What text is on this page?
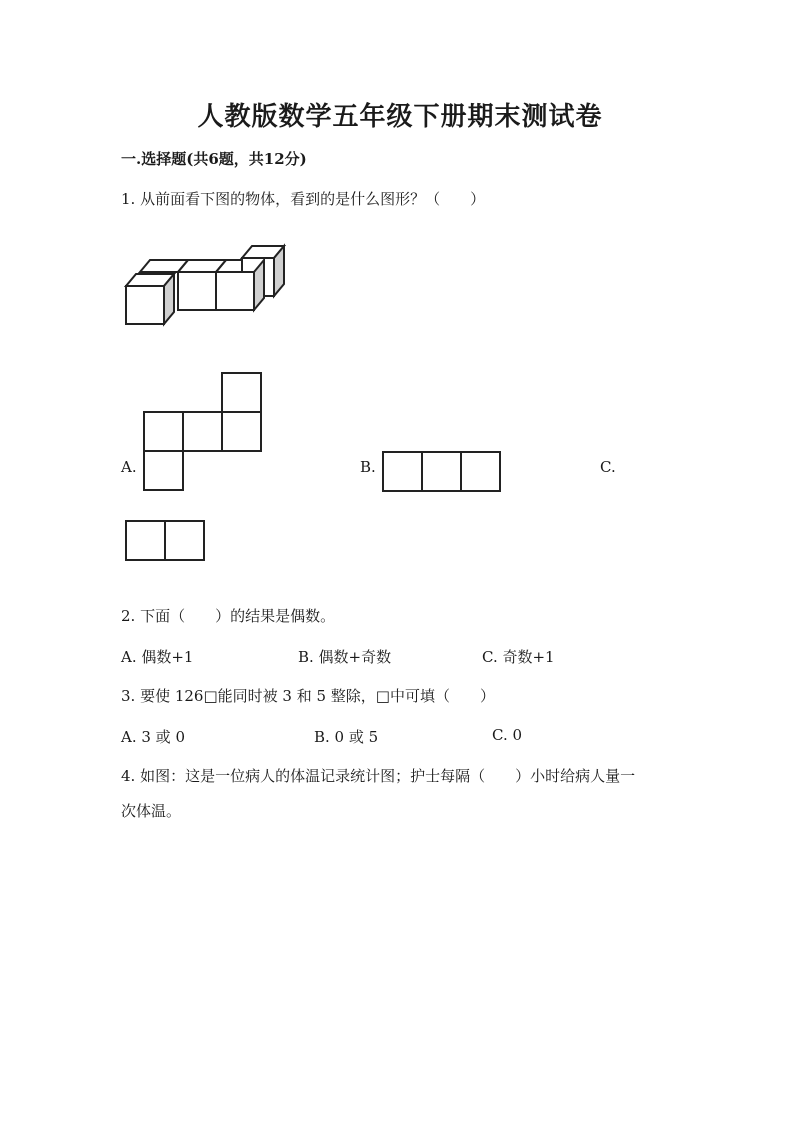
人教版数学五年级下册期末测试卷
一.选择题(共6题，共12分)
1. 从前面看下图的物体，看到的是什么图形？（　　）
A.	B.	C.
2. 下面（　　）的结果是偶数。
A. 偶数+1	B. 偶数+奇数	C. 奇数+1
3. 要使 126□能同时被 3 和 5 整除，□中可填（　　）
A. 3 或 0	B. 0 或 5	C. 0
4. 如图：这是一位病人的体温记录统计图；护士每隔（　　）小时给病人量一
次体温。
